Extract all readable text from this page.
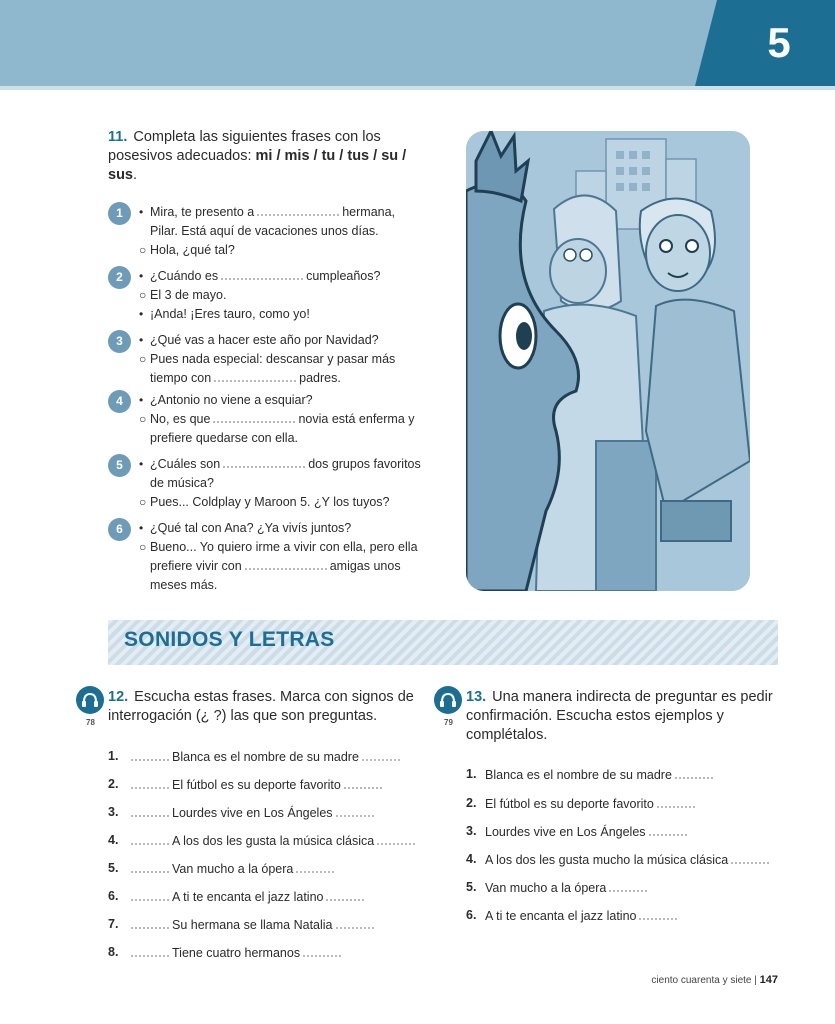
5
11. Completa las siguientes frases con los posesivos adecuados: mi / mis / tu / tus / su / sus.
1	• Mira, te presento a	hermana,
Pilar. Está aquí de vacaciones unos días.
○ Hola, ¿qué tal?
2	• ¿Cuándo es	cumpleaños?
○ El 3 de mayo.
• ¡Anda! ¡Eres tauro, como yo!
3	• ¿Qué vas a hacer este año por Navidad?
○ Pues nada especial: descansar y pasar más
tiempo con	padres.
4	• ¿Antonio no viene a esquiar?
○ No, es que	novia está enferma y
prefiere quedarse con ella.
5	• ¿Cuáles son	dos grupos favoritos
de música?
○ Pues... Coldplay y Maroon 5. ¿Y los tuyos?
6	• ¿Qué tal con Ana? ¿Ya vivís juntos?
○ Bueno... Yo quiero irme a vivir con ella, pero ella
prefiere vivir con	amigas unos
meses más.
SONIDOS Y LETRAS
78
12. Escucha estas frases. Marca con signos de interrogación (¿ ?) las que son preguntas.
1.	Blanca es el nombre de su madre
2.	El fútbol es su deporte favorito
3.	Lourdes vive en Los Ángeles
4.	A los dos les gusta la música clásica
5.	Van mucho a la ópera
6.	A ti te encanta el jazz latino
7.	Su hermana se llama Natalia
8.	Tiene cuatro hermanos
79
13. Una manera indirecta de preguntar es pedir confirmación. Escucha estos ejemplos y complétalos.
1. Blanca es el nombre de su madre
2. El fútbol es su deporte favorito
3. Lourdes vive en Los Ángeles
4. A los dos les gusta mucho la música clásica
5. Van mucho a la ópera
6. A ti te encanta el jazz latino
ciento cuarenta y siete | 147
